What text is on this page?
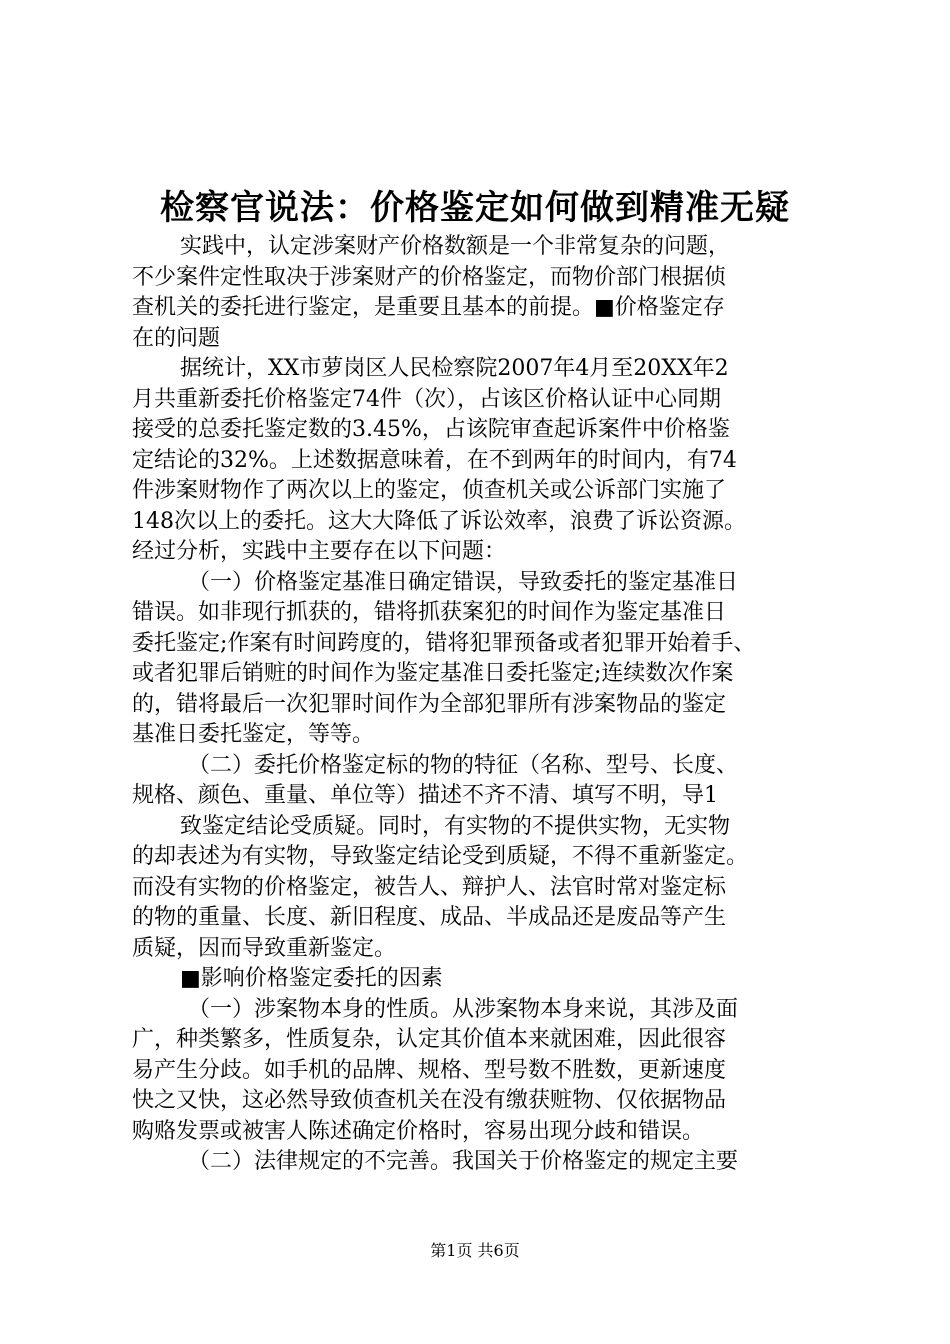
检察官说法：价格鉴定如何做到精准无疑
实践中，认定涉案财产价格数额是一个非常复杂的问题，
不少案件定性取决于涉案财产的价格鉴定，而物价部门根据侦
查机关的委托进行鉴定，是重要且基本的前提。■价格鉴定存
在的问题
据统计，XX市萝岗区人民检察院2007年4月至20XX年2
月共重新委托价格鉴定74件（次），占该区价格认证中心同期
接受的总委托鉴定数的3.45%，占该院审查起诉案件中价格鉴
定结论的32%。上述数据意味着，在不到两年的时间内，有74
件涉案财物作了两次以上的鉴定，侦查机关或公诉部门实施了
148次以上的委托。这大大降低了诉讼效率，浪费了诉讼资源。
经过分析，实践中主要存在以下问题：
（一）价格鉴定基准日确定错误，导致委托的鉴定基准日
错误。如非现行抓获的，错将抓获案犯的时间作为鉴定基准日
委托鉴定;作案有时间跨度的，错将犯罪预备或者犯罪开始着手、
或者犯罪后销赃的时间作为鉴定基准日委托鉴定;连续数次作案
的，错将最后一次犯罪时间作为全部犯罪所有涉案物品的鉴定
基准日委托鉴定，等等。
（二）委托价格鉴定标的物的特征（名称、型号、长度、
规格、颜色、重量、单位等）描述不齐不清、填写不明，导1
致鉴定结论受质疑。同时，有实物的不提供实物，无实物
的却表述为有实物，导致鉴定结论受到质疑，不得不重新鉴定。
而没有实物的价格鉴定，被告人、辩护人、法官时常对鉴定标
的物的重量、长度、新旧程度、成品、半成品还是废品等产生
质疑，因而导致重新鉴定。
■影响价格鉴定委托的因素
（一）涉案物本身的性质。从涉案物本身来说，其涉及面
广，种类繁多，性质复杂，认定其价值本来就困难，因此很容
易产生分歧。如手机的品牌、规格、型号数不胜数，更新速度
快之又快，这必然导致侦查机关在没有缴获赃物、仅依据物品
购赂发票或被害人陈述确定价格时，容易出现分歧和错误。
（二）法律规定的不完善。我国关于价格鉴定的规定主要
第1页 共6页
